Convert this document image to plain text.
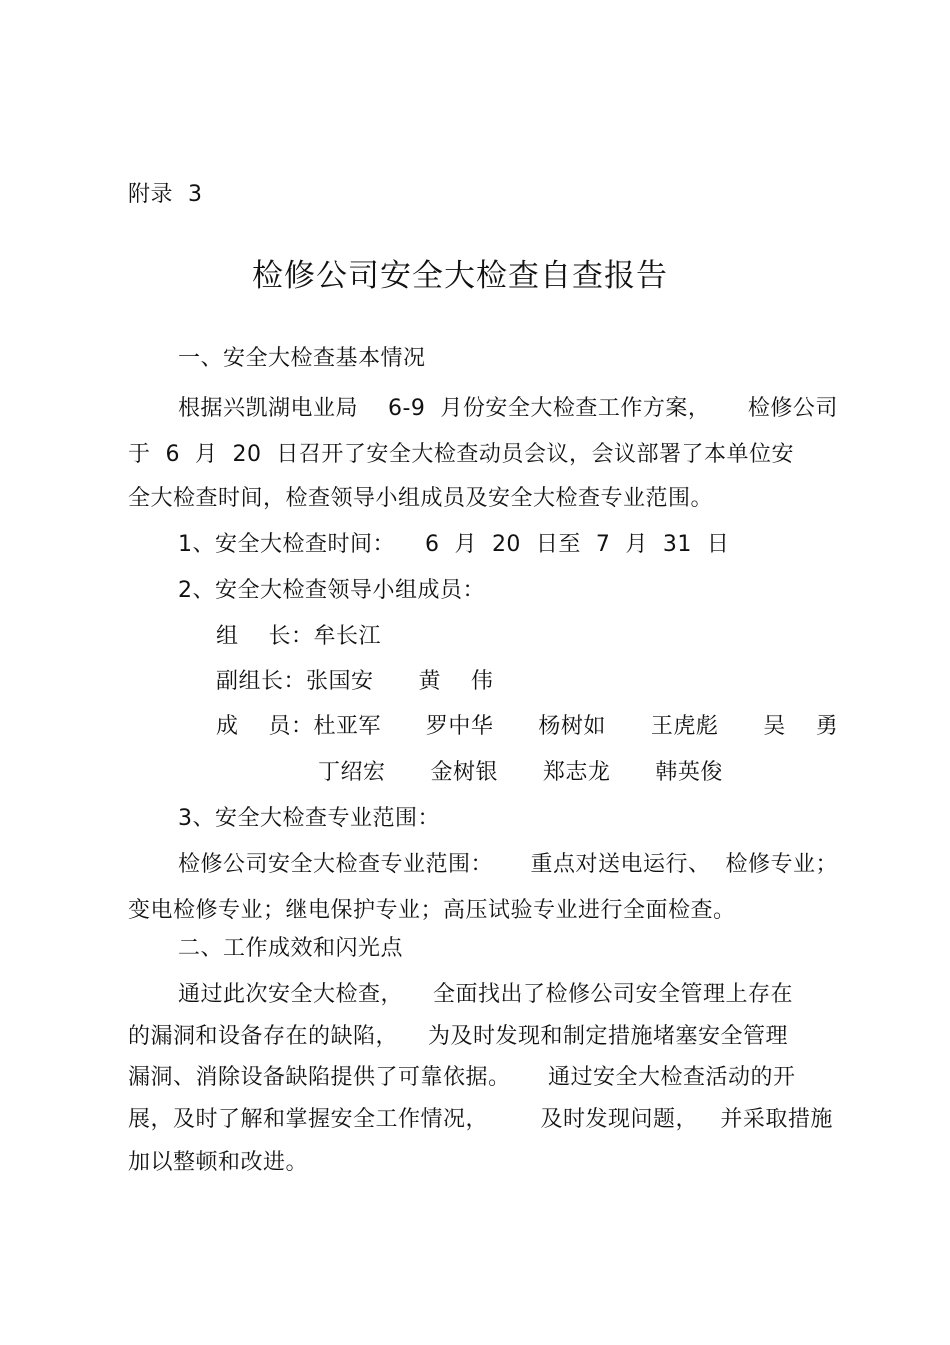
附录  3
检修公司安全大检查自查报告
一、安全大检查基本情况
根据兴凯湖电业局    6-9  月份安全大检查工作方案，     检修公司
于  6  月  20  日召开了安全大检查动员会议，会议部署了本单位安
全大检查时间，检查领导小组成员及安全大检查专业范围。
1、安全大检查时间：    6  月  20  日至  7  月  31  日
2、安全大检查领导小组成员：
组    长：牟长江
副组长：张国安      黄    伟
成    员：杜亚军      罗中华      杨树如      王虎彪      吴    勇
丁绍宏      金树银      郑志龙      韩英俊
3、安全大检查专业范围：
检修公司安全大检查专业范围：     重点对送电运行、  检修专业；
变电检修专业；继电保护专业；高压试验专业进行全面检查。
二、工作成效和闪光点
通过此次安全大检查，    全面找出了检修公司安全管理上存在
的漏洞和设备存在的缺陷，    为及时发现和制定措施堵塞安全管理
漏洞、消除设备缺陷提供了可靠依据。     通过安全大检查活动的开
展，及时了解和掌握安全工作情况，       及时发现问题，   并采取措施
加以整顿和改进。
